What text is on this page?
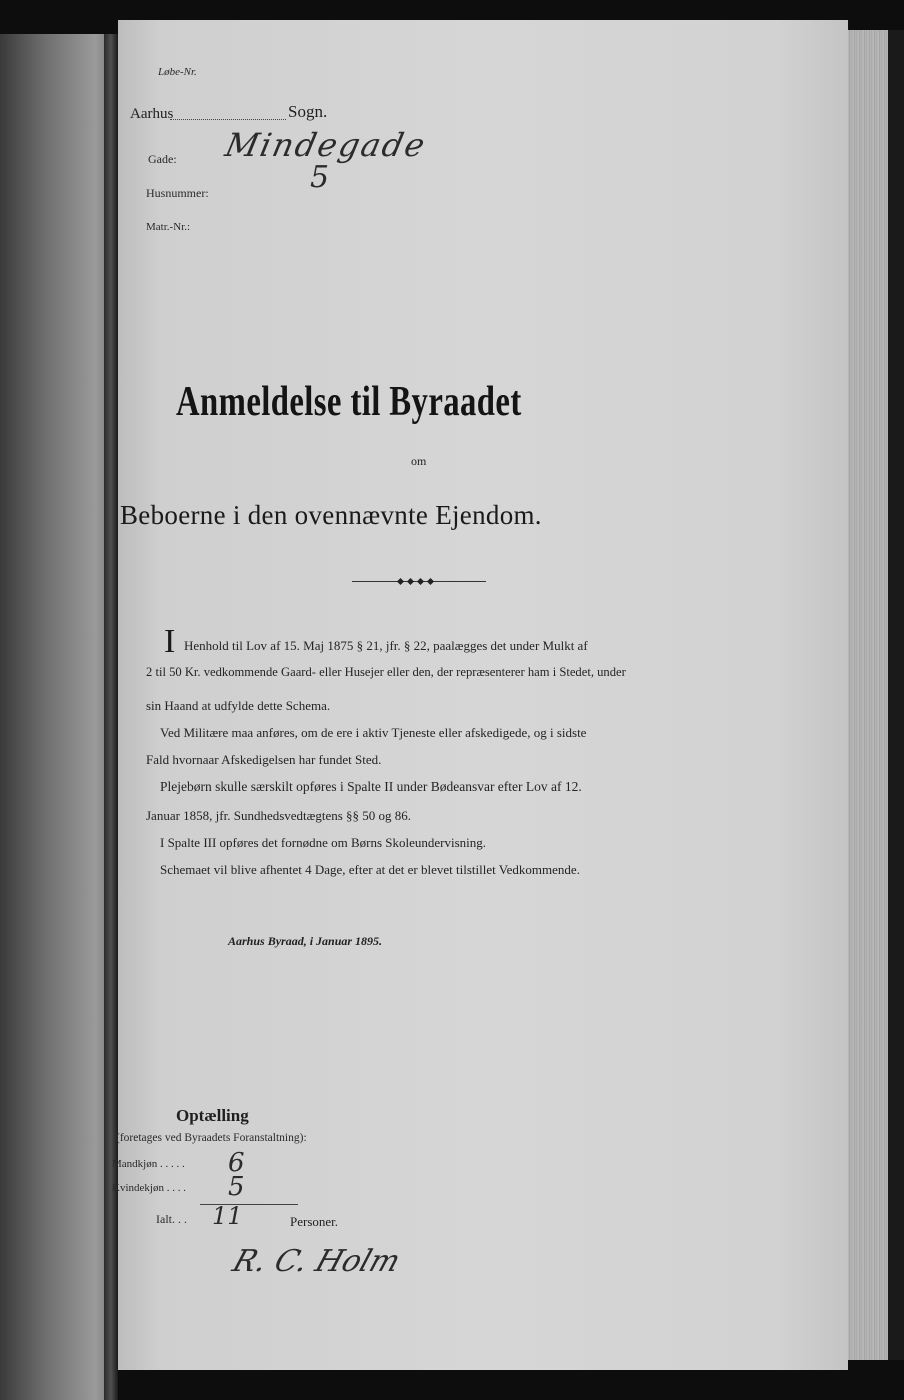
Løbe-Nr.
Aarhus	Sogn.
Gade: Mindegade
Husnummer:	5
Matr.-Nr.:
Anmeldelse til Byraadet
om
Beboerne i den ovennævnte Ejendom.
I Henhold til Lov af 15. Maj 1875 § 21, jfr. § 22, paalægges det under Mulkt af
2 til 50 Kr. vedkommende Gaard- eller Husejer eller den, der repræsenterer ham i Stedet, under
sin Haand at udfylde dette Schema.
Ved Militære maa anføres, om de ere i aktiv Tjeneste eller afskedigede, og i sidste
Fald hvornaar Afskedigelsen har fundet Sted.
Plejebørn skulle særskilt opføres i Spalte II under Bødeansvar efter Lov af 12.
Januar 1858, jfr. Sundhedsvedtægtens §§ 50 og 86.
I Spalte III opføres det fornødne om Børns Skoleundervisning.
Schemaet vil blive afhentet 4 Dage, efter at det er blevet tilstillet Vedkommende.
Aarhus Byraad, i Januar 1895.
Optælling
(foretages ved Byraadets Foranstaltning):
Mandkjøn . . . . . 6
Kvindekjøn . . . . 5
Ialt. . . 11	Personer.
R. C. Holm
